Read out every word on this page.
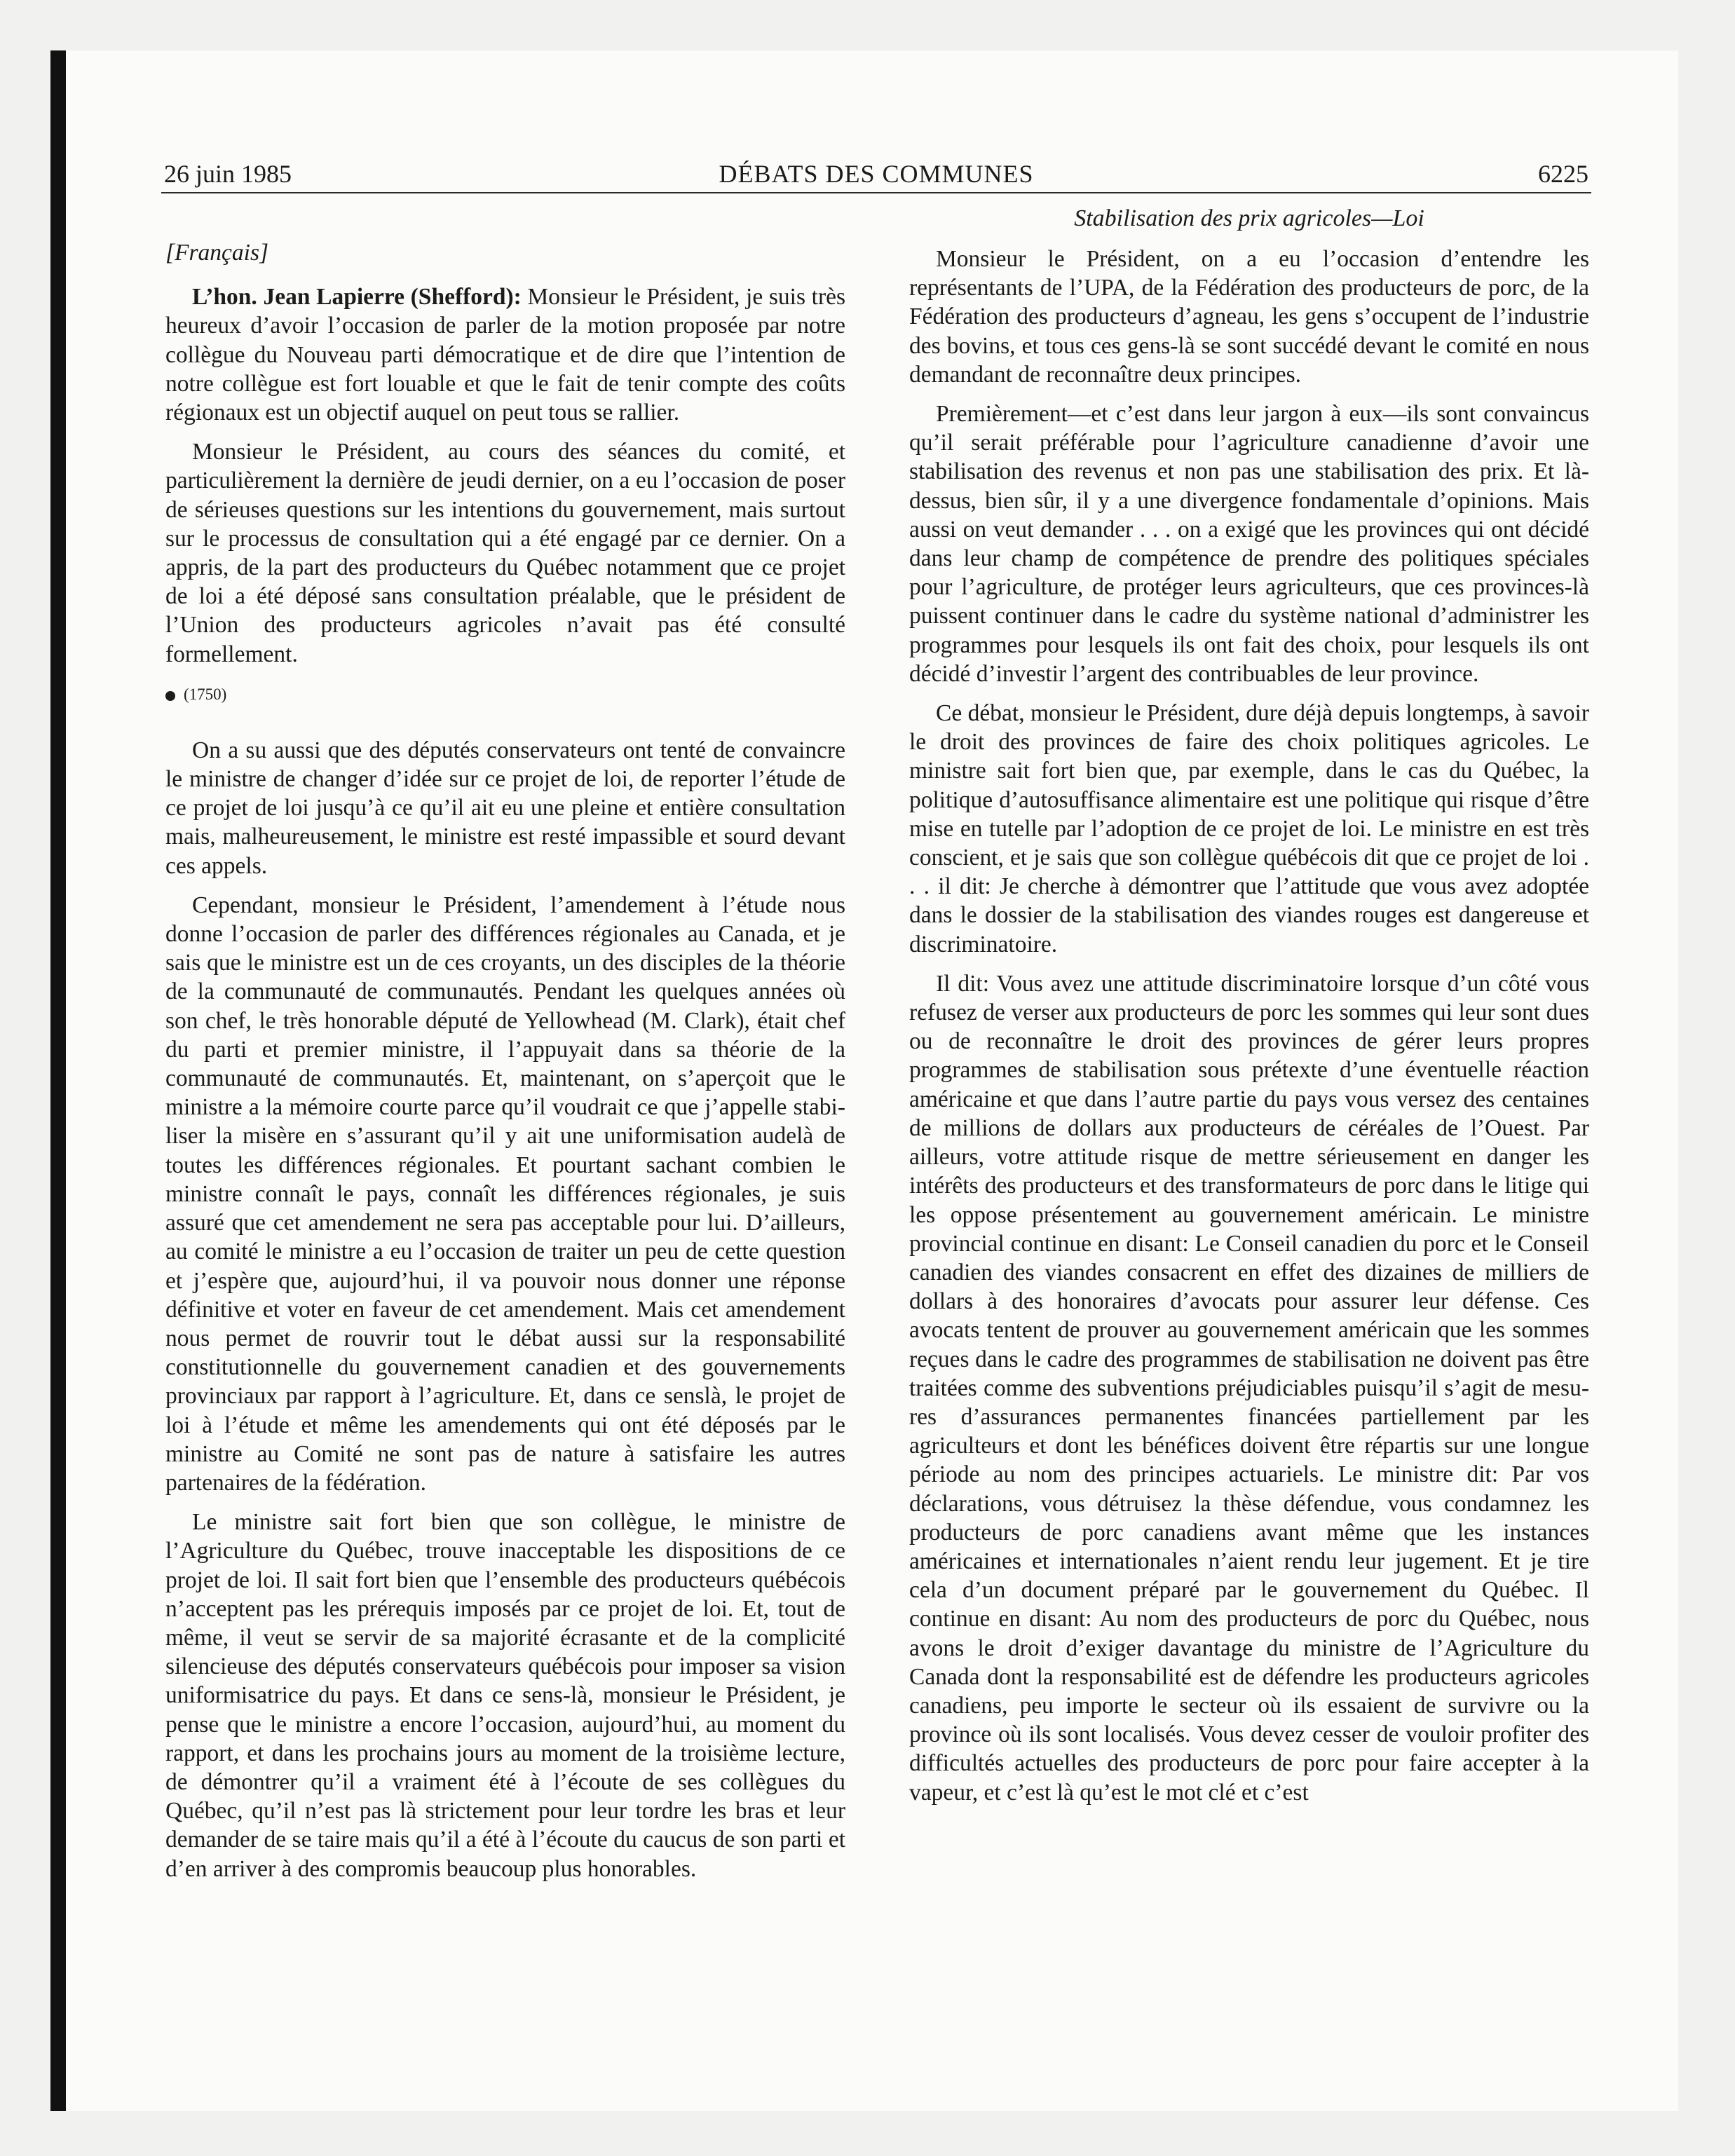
26 juin 1985	DÉBATS DES COMMUNES	6225

[Français]

L’hon. Jean Lapierre (Shefford): Monsieur le Président, je suis très heureux d’avoir l’occasion de parler de la motion proposée par notre collègue du Nouveau parti démocratique et de dire que l’intention de notre collègue est fort louable et que le fait de tenir compte des coûts régionaux est un objectif auquel on peut tous se rallier.

Monsieur le Président, au cours des séances du comité, et particulièrement la dernière de jeudi dernier, on a eu l’occasion de poser de sérieuses questions sur les intentions du gouvernement, mais surtout sur le processus de consultation qui a été engagé par ce dernier. On a appris, de la part des producteurs du Québec notamment que ce projet de loi a été déposé sans consultation préalable, que le président de l’Union des producteurs agricoles n’avait pas été consulté formellement.

(1750)

On a su aussi que des députés conservateurs ont tenté de convaincre le ministre de changer d’idée sur ce projet de loi, de reporter l’étude de ce projet de loi jusqu’à ce qu’il ait eu une pleine et entière consultation mais, malheureusement, le ministre est resté impassible et sourd devant ces appels.

Cependant, monsieur le Président, l’amendement à l’étude nous donne l’occasion de parler des différences régionales au Canada, et je sais que le ministre est un de ces croyants, un des disciples de la théorie de la communauté de communautés. Pendant les quelques années où son chef, le très honorable député de Yellowhead (M. Clark), était chef du parti et premier ministre, il l’appuyait dans sa théorie de la communauté de communautés. Et, maintenant, on s’aperçoit que le ministre a la mémoire courte parce qu’il voudrait ce que j’appelle stabiliser la misère en s’assurant qu’il y ait une uniformisation audelà de toutes les différences régionales. Et pourtant sachant combien le ministre connaît le pays, connaît les différences régionales, je suis assuré que cet amendement ne sera pas acceptable pour lui. D’ailleurs, au comité le ministre a eu l’occasion de traiter un peu de cette question et j’espère que, aujourd’hui, il va pouvoir nous donner une réponse définitive et voter en faveur de cet amendement. Mais cet amendement nous permet de rouvrir tout le débat aussi sur la responsabilité constitutionnelle du gouvernement canadien et des gouvernements provinciaux par rapport à l’agriculture. Et, dans ce senslà, le projet de loi à l’étude et même les amendements qui ont été déposés par le ministre au Comité ne sont pas de nature à satisfaire les autres partenaires de la fédération.

Le ministre sait fort bien que son collègue, le ministre de l’Agriculture du Québec, trouve inacceptable les dispositions de ce projet de loi. Il sait fort bien que l’ensemble des producteurs québécois n’acceptent pas les prérequis imposés par ce projet de loi. Et, tout de même, il veut se servir de sa majorité écrasante et de la complicité silencieuse des députés conservateurs québécois pour imposer sa vision uniformisatrice du pays. Et dans ce sens-là, monsieur le Président, je pense que le ministre a encore l’occasion, aujourd’hui, au moment du rapport, et dans les prochains jours au moment de la troisième lecture, de démontrer qu’il a vraiment été à l’écoute de ses collègues du Québec, qu’il n’est pas là strictement pour leur tordre les bras et leur demander de se taire mais qu’il a été à l’écoute du caucus de son parti et d’en arriver à des compromis beaucoup plus honorables.

Stabilisation des prix agricoles—Loi

Monsieur le Président, on a eu l’occasion d’entendre les représentants de l’UPA, de la Fédération des producteurs de porc, de la Fédération des producteurs d’agneau, les gens s’occupent de l’industrie des bovins, et tous ces gens-là se sont succédé devant le comité en nous demandant de reconnaître deux principes.

Premièrement—et c’est dans leur jargon à eux—ils sont convaincus qu’il serait préférable pour l’agriculture canadienne d’avoir une stabilisation des revenus et non pas une stabilisation des prix. Et là-dessus, bien sûr, il y a une divergence fondamentale d’opinions. Mais aussi on veut demander . . . on a exigé que les provinces qui ont décidé dans leur champ de compétence de prendre des politiques spéciales pour l’agriculture, de protéger leurs agriculteurs, que ces provinces-là puissent continuer dans le cadre du système national d’administrer les programmes pour lesquels ils ont fait des choix, pour lesquels ils ont décidé d’investir l’argent des contribuables de leur province.

Ce débat, monsieur le Président, dure déjà depuis longtemps, à savoir le droit des provinces de faire des choix politiques agricoles. Le ministre sait fort bien que, par exemple, dans le cas du Québec, la politique d’autosuffisance alimentaire est une politique qui risque d’être mise en tutelle par l’adoption de ce projet de loi. Le ministre en est très conscient, et je sais que son collègue québécois dit que ce projet de loi . . . il dit: Je cherche à démontrer que l’attitude que vous avez adoptée dans le dossier de la stabilisation des viandes rouges est dangereuse et discriminatoire.

Il dit: Vous avez une attitude discriminatoire lorsque d’un côté vous refusez de verser aux producteurs de porc les sommes qui leur sont dues ou de reconnaître le droit des provinces de gérer leurs propres programmes de stabilisation sous prétexte d’une éventuelle réaction américaine et que dans l’autre partie du pays vous versez des centaines de millions de dollars aux producteurs de céréales de l’Ouest. Par ailleurs, votre attitude risque de mettre sérieusement en danger les intérêts des producteurs et des transformateurs de porc dans le litige qui les oppose présentement au gouvernement américain. Le ministre provincial continue en disant: Le Conseil canadien du porc et le Conseil canadien des viandes consacrent en effet des dizaines de milliers de dollars à des honoraires d’avocats pour assurer leur défense. Ces avocats tentent de prouver au gouvernement américain que les sommes reçues dans le cadre des programmes de stabilisation ne doivent pas être traitées comme des subventions préjudiciables puisqu’il s’agit de mesures d’assurances permanentes financées partiellement par les agriculteurs et dont les bénéfices doivent être répartis sur une longue période au nom des principes actuariels. Le ministre dit: Par vos déclarations, vous détruisez la thèse défendue, vous condamnez les producteurs de porc canadiens avant même que les instances américaines et internationales n’aient rendu leur jugement. Et je tire cela d’un document préparé par le gouvernement du Québec. Il continue en disant: Au nom des producteurs de porc du Québec, nous avons le droit d’exiger davantage du ministre de l’Agriculture du Canada dont la responsabilité est de défendre les producteurs agricoles canadiens, peu importe le secteur où ils essaient de survivre ou la province où ils sont localisés. Vous devez cesser de vouloir profiter des difficultés actuelles des producteurs de porc pour faire accepter à la vapeur, et c’est là qu’est le mot clé et c’est
